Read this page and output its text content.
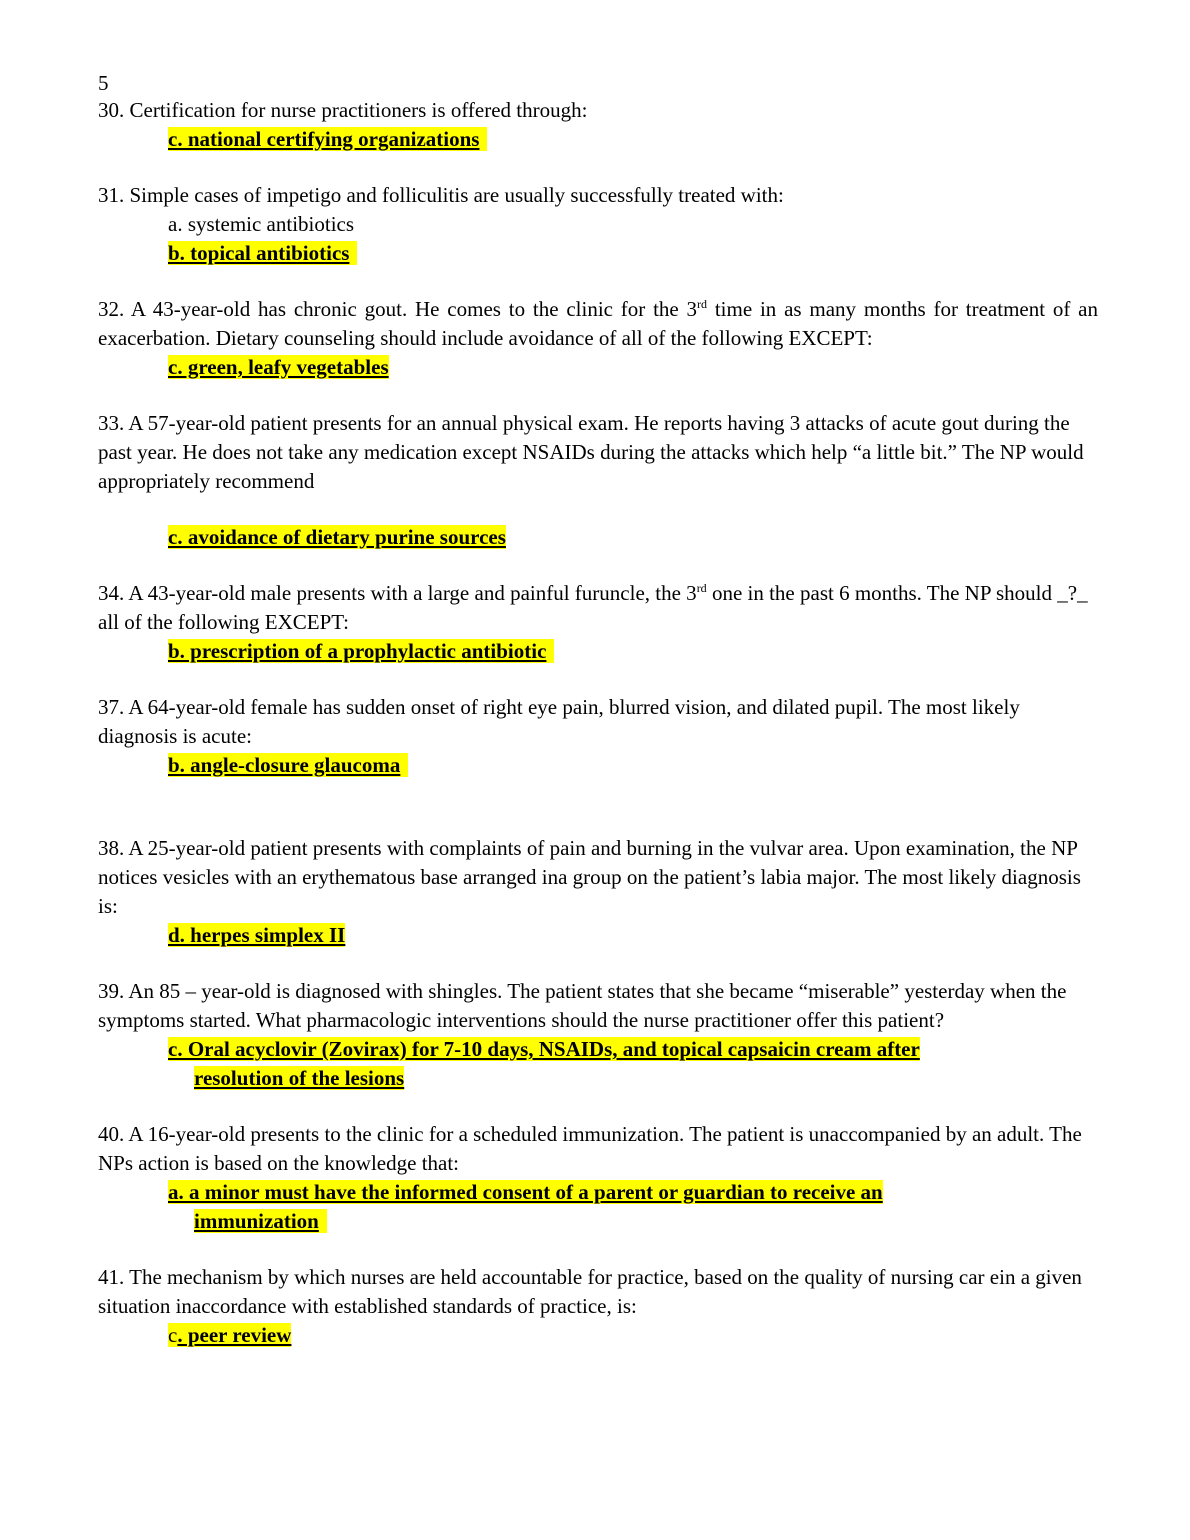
5

30. Certification for nurse practitioners is offered through:

c. national certifying organizations

31. Simple cases of impetigo and folliculitis are usually successfully treated with:

a. systemic antibiotics
b. topical antibiotics

32. A 43-year-old has chronic gout. He comes to the clinic for the 3rd time in as many months for treatment of an exacerbation. Dietary counseling should include avoidance of all of the following EXCEPT:

c. green, leafy vegetables

33. A 57-year-old patient presents for an annual physical exam. He reports having 3 attacks of acute gout during the past year. He does not take any medication except NSAIDs during the attacks which help “a little bit.” The NP would appropriately recommend

c. avoidance of dietary purine sources

34. A 43-year-old male presents with a large and painful furuncle, the 3rd one in the past 6 months. The NP should _?_ all of the following EXCEPT:

b. prescription of a prophylactic antibiotic

37. A 64-year-old female has sudden onset of right eye pain, blurred vision, and dilated pupil. The most likely diagnosis is acute:

b. angle-closure glaucoma

38. A 25-year-old patient presents with complaints of pain and burning in the vulvar area. Upon examination, the NP notices vesicles with an erythematous base arranged ina group on the patient’s labia major. The most likely diagnosis is:

d. herpes simplex II

39. An 85 – year-old is diagnosed with shingles. The patient states that she became “miserable” yesterday when the symptoms started. What pharmacologic interventions should the nurse practitioner offer this patient?

c. Oral acyclovir (Zovirax) for 7-10 days, NSAIDs, and topical capsaicin cream after
resolution of the lesions

40. A 16-year-old presents to the clinic for a scheduled immunization. The patient is unaccompanied by an adult. The NPs action is based on the knowledge that:

a. a minor must have the informed consent of a parent or guardian to receive an
immunization

41. The mechanism by which nurses are held accountable for practice, based on the quality of nursing car ein a given situation inaccordance with established standards of practice, is:

c. peer review
